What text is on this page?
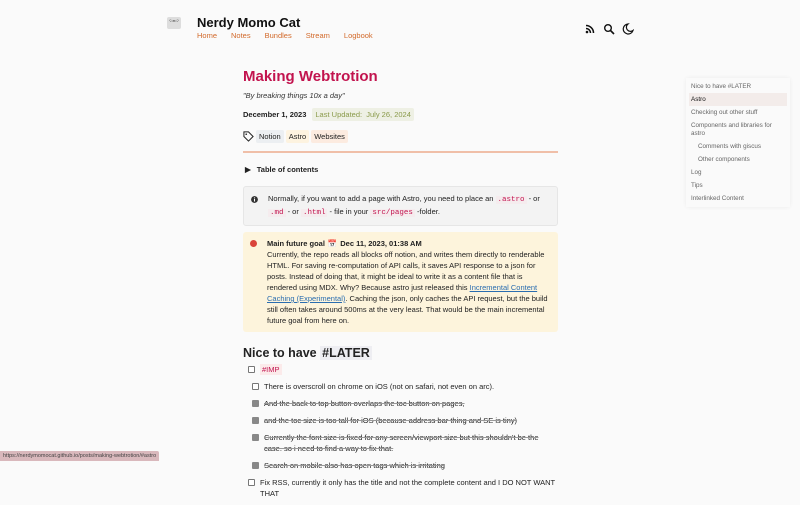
ʕ•ᴥ•ʔ Nerdy Momo Cat
Home Notes Bundles Stream Logbook
Making Webtrotion
"By breaking things 10x a day"
December 1, 2023	Last Updated: July 26, 2024
Notion	Astro	Websites
▶ Table of contents
Normally, if you want to add a page with Astro, you need to place an .astro - or .md - or .html - file in your src/pages -folder.
Main future goal 📅 Dec 11, 2023, 01:38 AM
Currently, the repo reads all blocks off notion, and writes them directly to renderable HTML. For saving re-computation of API calls, it saves API response to a json for posts. Instead of doing that, it might be ideal to write it as a content file that is rendered using MDX. Why? Because astro just released this Incremental Content Caching (Experimental). Caching the json, only caches the API request, but the build still often takes around 500ms at the very least. That would be the main incremental future goal from here on.
Nice to have #LATER
#IMP
There is overscroll on chrome on iOS (not on safari, not even on arc).
And the back to top button overlaps the toc button on pages,
and the toc size is too tall for iOS (because address bar thing and SE is tiny)
Currently the font size is fixed for any screen/viewport size but this shouldn't be the case. so i need to find a way to fix that.
Search on mobile also has open tags which is irritating
Fix RSS, currently it only has the title and not the complete content and I DO NOT WANT THAT
Nice to have #LATER
Astro
Checking out other stuff
Components and libraries for astro
Comments with giscus
Other components
Log
Tips
Interlinked Content
https://nerdymomocat.github.io/posts/making-webtrotion/#astro
